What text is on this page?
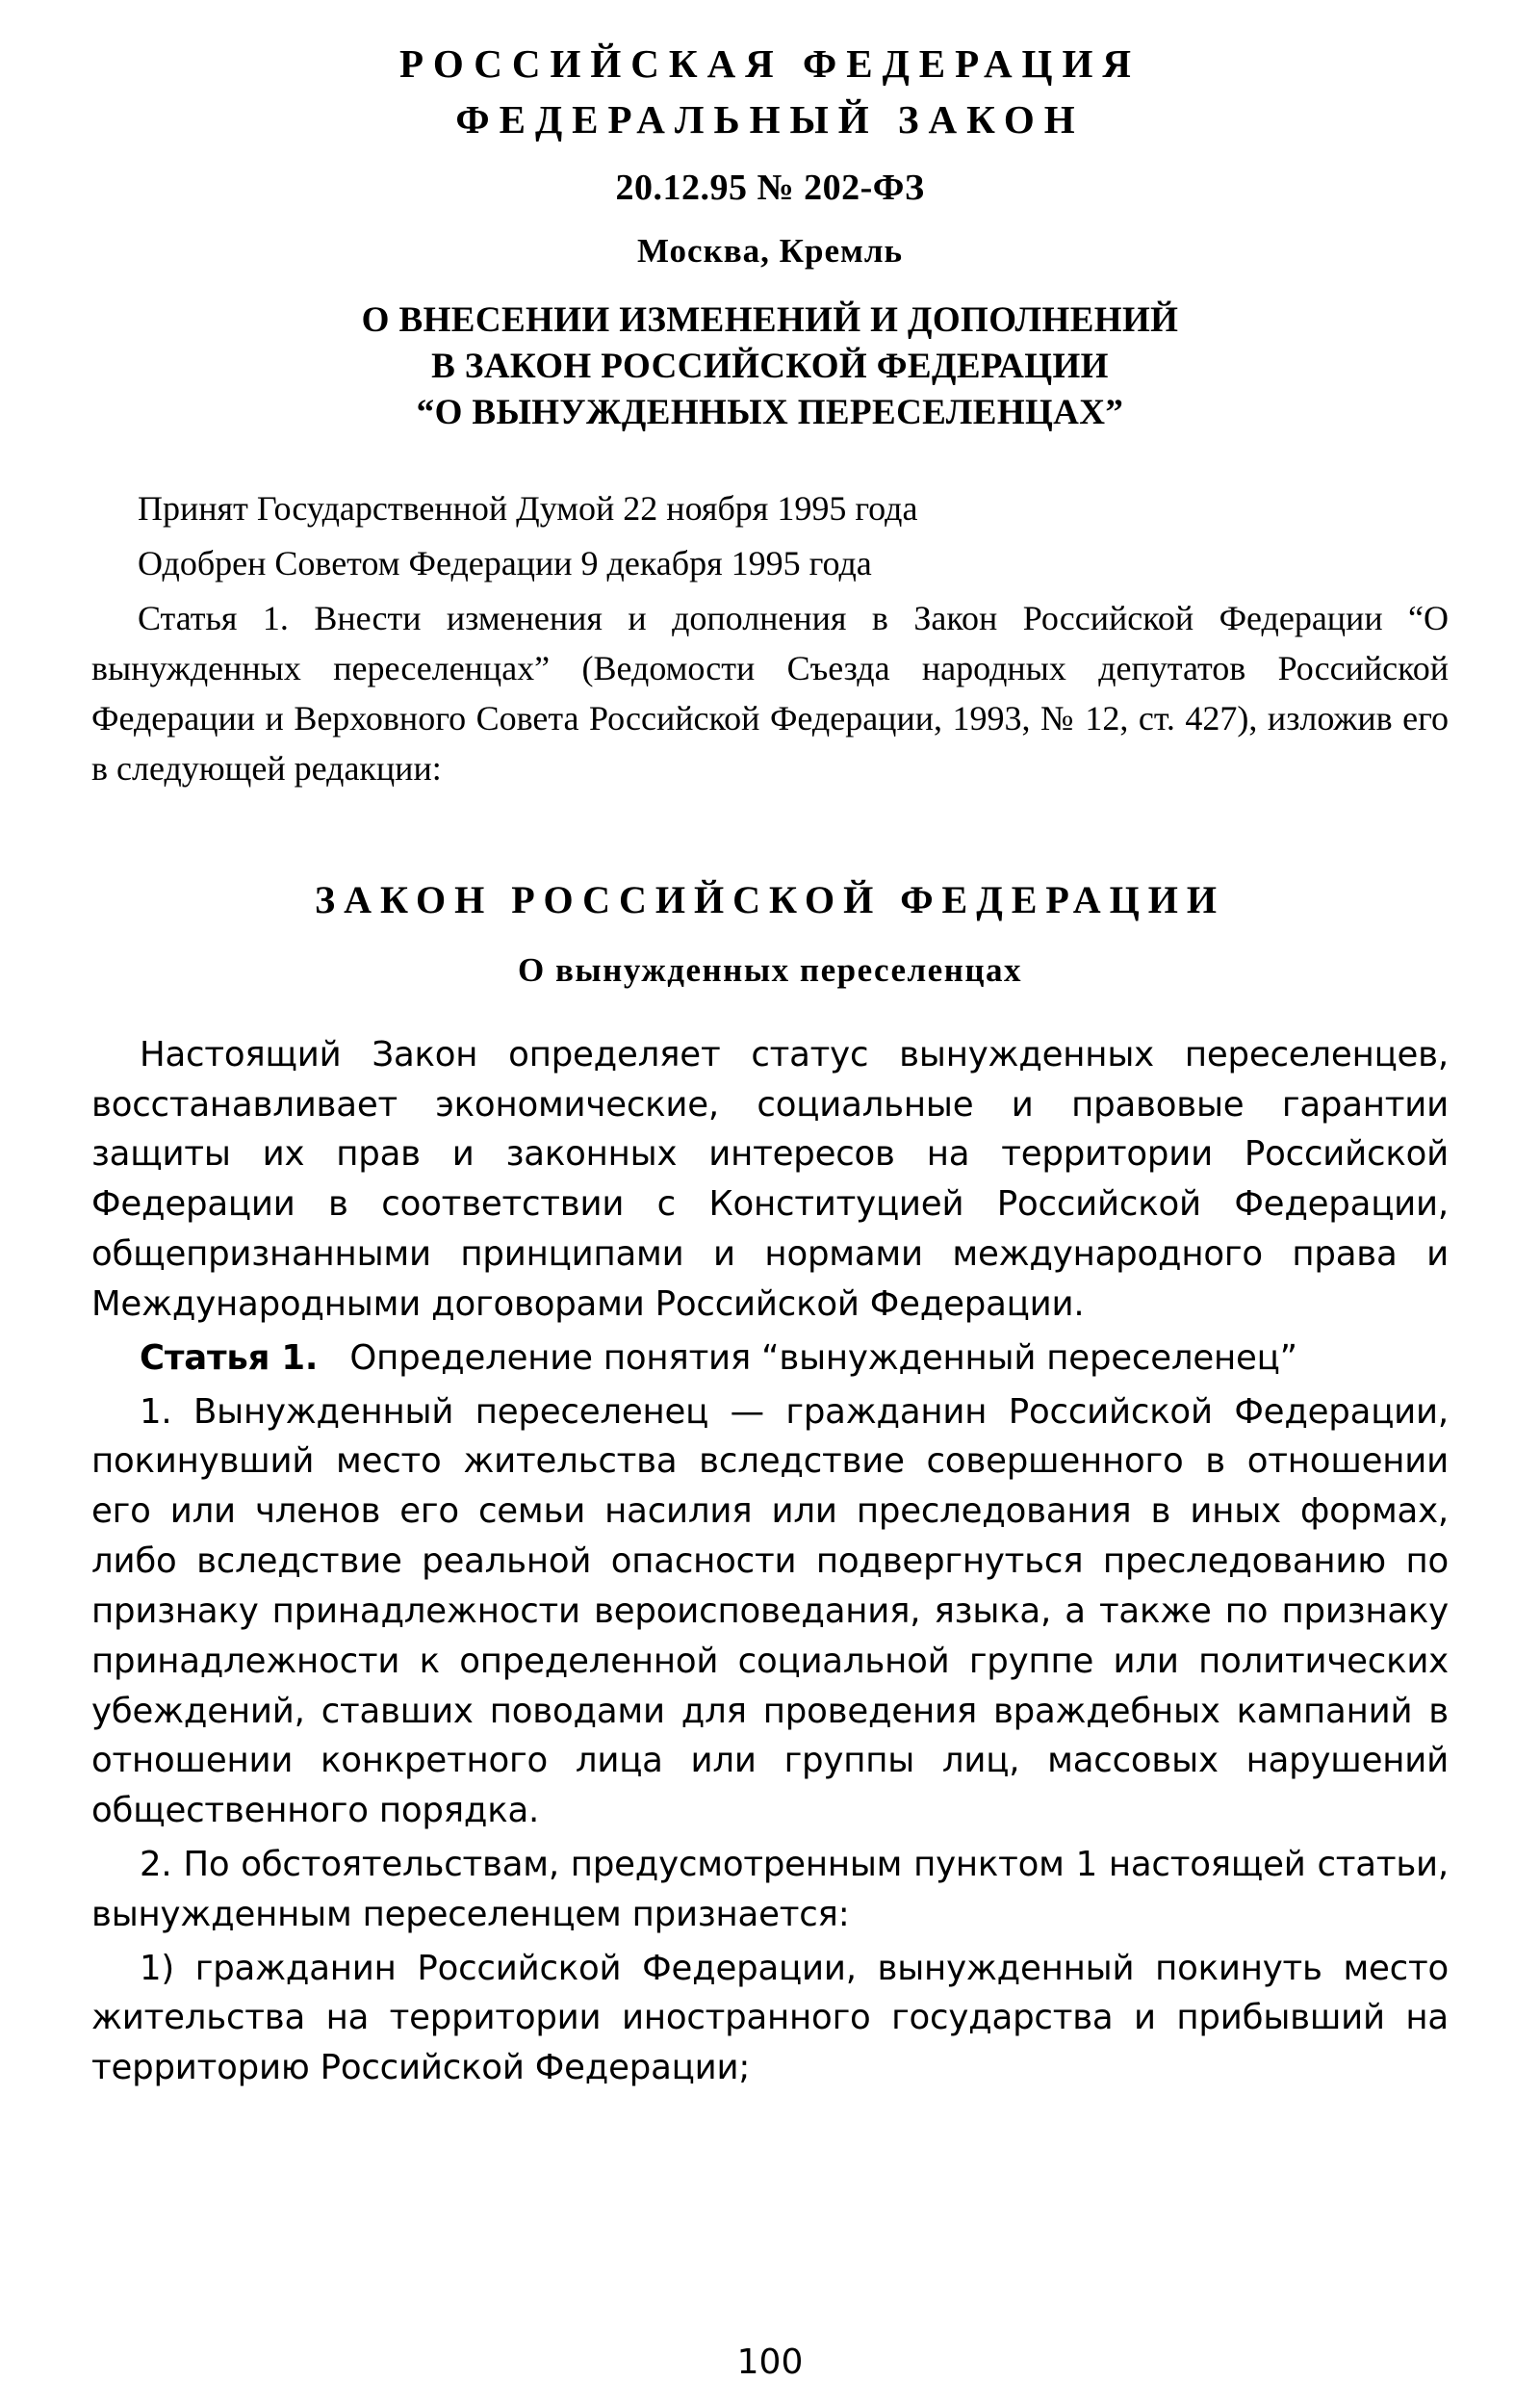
РОССИЙСКАЯ ФЕДЕРАЦИЯ
ФЕДЕРАЛЬНЫЙ ЗАКОН
20.12.95 № 202-ФЗ
Москва, Кремль
О ВНЕСЕНИИ ИЗМЕНЕНИЙ И ДОПОЛНЕНИЙ
В ЗАКОН РОССИЙСКОЙ ФЕДЕРАЦИИ
“О ВЫНУЖДЕННЫХ ПЕРЕСЕЛЕНЦАХ”
Принят Государственной Думой 22 ноября 1995 года
Одобрен Советом Федерации 9 декабря 1995 года
Статья 1. Внести изменения и дополнения в Закон Российской Федерации “О вынужденных переселенцах” (Ведомости Съезда народных депутатов Российской Федерации и Верховного Совета Российской Федерации, 1993, № 12, ст. 427), изложив его в следующей редакции:
ЗАКОН РОССИЙСКОЙ ФЕДЕРАЦИИ
О вынужденных переселенцах

Настоящий Закон определяет статус вынужденных переселенцев, восстанавливает экономические, социальные и правовые гарантии защиты их прав и законных интересов на территории Российской Федерации в соответствии с Конституцией Российской Федерации, общепризнанными принципами и нормами международного права и Международными договорами Российской Федерации.

Статья 1. Определение понятия “вынужденный переселенец”

1. Вынужденный переселенец — гражданин Российской Федерации, покинувший место жительства вследствие совершенного в отношении его или членов его семьи насилия или преследования в иных формах, либо вследствие реальной опасности подвергнуться преследованию по признаку принадлежности вероисповедания, языка, а также по признаку принадлежности к определенной социальной группе или политических убеждений, ставших поводами для проведения враждебных кампаний в отношении конкретного лица или группы лиц, массовых нарушений общественного порядка.

2. По обстоятельствам, предусмотренным пунктом 1 настоящей статьи, вынужденным переселенцем признается:

1) гражданин Российской Федерации, вынужденный покинуть место жительства на территории иностранного государства и прибывший на территорию Российской Федерации;

100
